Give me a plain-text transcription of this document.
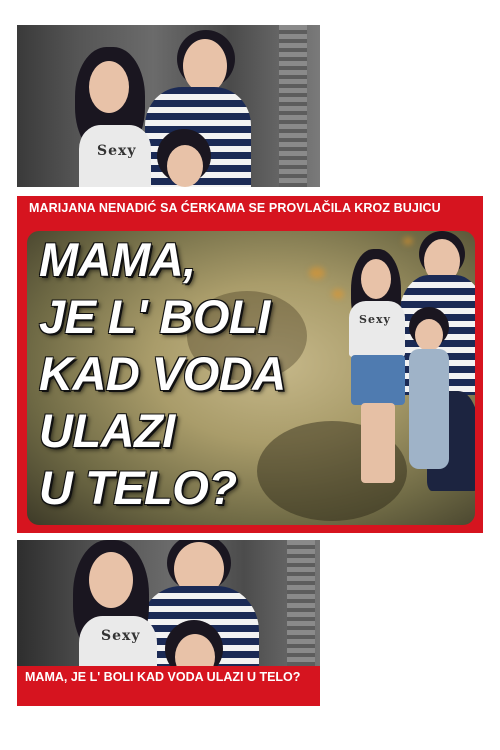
Sexy
MARIJANA NENADIĆ SA ĆERKAMA SE PROVLAČILA KROZ BUJICU
Sexy
MAMA,
JE L' BOLI
KAD VODA
ULAZI
U TELO?
Sexy
MAMA, JE L' BOLI KAD VODA ULAZI U TELO?
